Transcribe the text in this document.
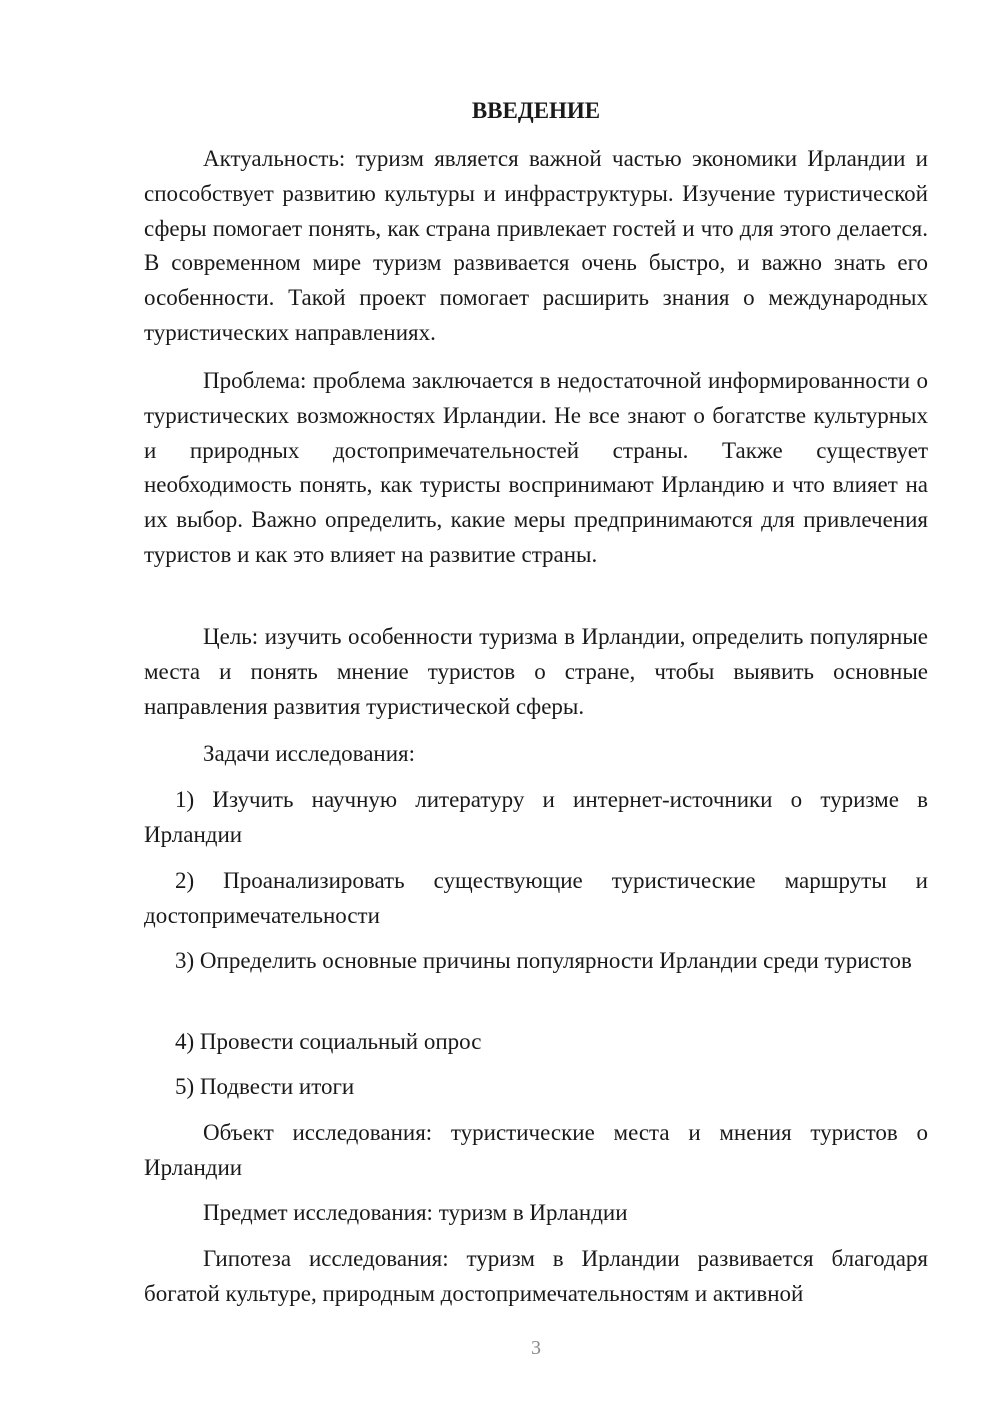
ВВЕДЕНИЕ

Актуальность: туризм является важной частью экономики Ирландии и способствует развитию культуры и инфраструктуры. Изучение туристической сферы помогает понять, как страна привлекает гостей и что для этого делается. В современном мире туризм развивается очень быстро, и важно знать его особенности. Такой проект помогает расширить знания о международных туристических направлениях.

Проблема: проблема заключается в недостаточной информированности о туристических возможностях Ирландии. Не все знают о богатстве культурных и природных достопримечательностей страны. Также существует необходимость понять, как туристы воспринимают Ирландию и что влияет на их выбор. Важно определить, какие меры предпринимаются для привлечения туристов и как это влияет на развитие страны.

Цель: изучить особенности туризма в Ирландии, определить популярные места и понять мнение туристов о стране, чтобы выявить основные направления развития туристической сферы.

Задачи исследования:

1) Изучить научную литературу и интернет-источники о туризме в Ирландии

2) Проанализировать существующие туристические маршруты и достопримечательности

3) Определить основные причины популярности Ирландии среди туристов

4) Провести социальный опрос

5) Подвести итоги

Объект исследования: туристические места и мнения туристов о Ирландии

Предмет исследования: туризм в Ирландии

Гипотеза исследования: туризм в Ирландии развивается благодаря богатой культуре, природным достопримечательностям и активной

3
